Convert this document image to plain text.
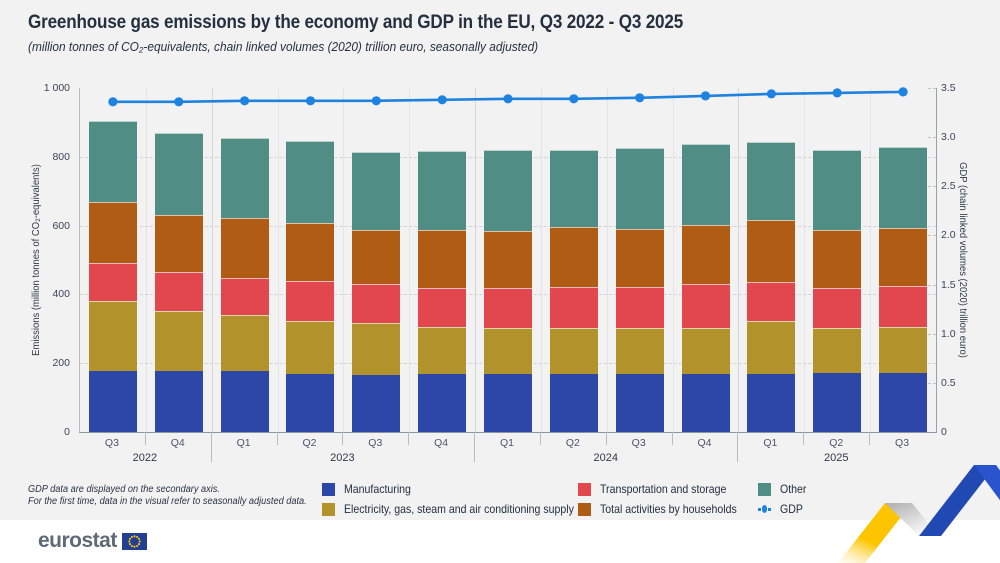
Greenhouse gas emissions by the economy and GDP in the EU, Q3 2022 - Q3 2025
(million tonnes of CO₂-equivalents, chain linked volumes (2020) trillion euro, seasonally adjusted)
Emissions (million tonnes of CO₂-equivalents)	GDP (chain linked volumes (2020) trillion euro)
0
200
400
600
800
1 000
0
0.5
1.0
1.5
2.0
2.5
3.0
3.5
Q3	Q4	Q1	Q2	Q3	Q4	Q1	Q2	Q3	Q4	Q1	Q2	Q3
2022	2023	2024	2025
GDP data are displayed on the secondary axis.
For the first time, data in the visual refer to seasonally adjusted data.
Manufacturing
Electricity, gas, steam and air conditioning supply
Transportation and storage
Total activities by households
Other
GDP
eurostat
